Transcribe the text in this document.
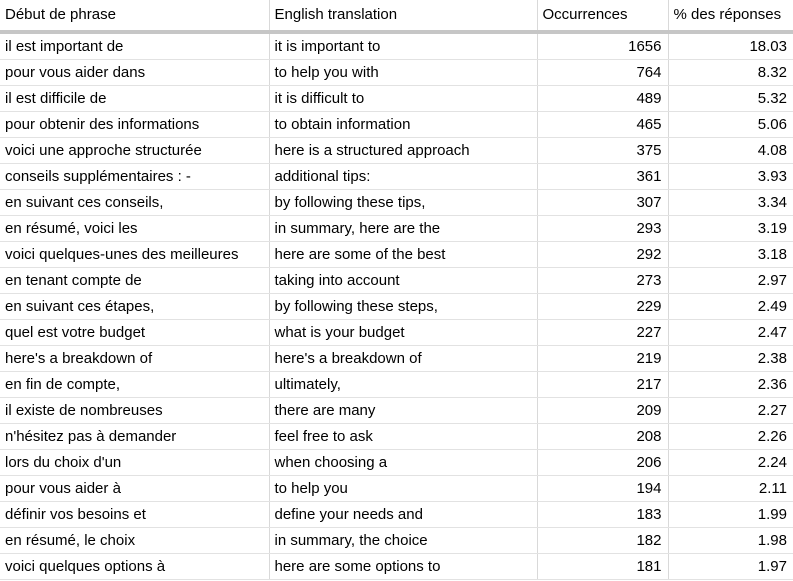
Début de phrase	English translation	Occurrences	% des réponses
il est important de	it is important to	1656	18.03
pour vous aider dans	to help you with	764	8.32
il est difficile de	it is difficult to	489	5.32
pour obtenir des informations	to obtain information	465	5.06
voici une approche structurée	here is a structured approach	375	4.08
conseils supplémentaires : -	additional tips:	361	3.93
en suivant ces conseils,	by following these tips,	307	3.34
en résumé, voici les	in summary, here are the	293	3.19
voici quelques-unes des meilleures	here are some of the best	292	3.18
en tenant compte de	taking into account	273	2.97
en suivant ces étapes,	by following these steps,	229	2.49
quel est votre budget	what is your budget	227	2.47
here's a breakdown of	here's a breakdown of	219	2.38
en fin de compte,	ultimately,	217	2.36
il existe de nombreuses	there are many	209	2.27
n'hésitez pas à demander	feel free to ask	208	2.26
lors du choix d'un	when choosing a	206	2.24
pour vous aider à	to help you	194	2.11
définir vos besoins et	define your needs and	183	1.99
en résumé, le choix	in summary, the choice	182	1.98
voici quelques options à	here are some options to	181	1.97
